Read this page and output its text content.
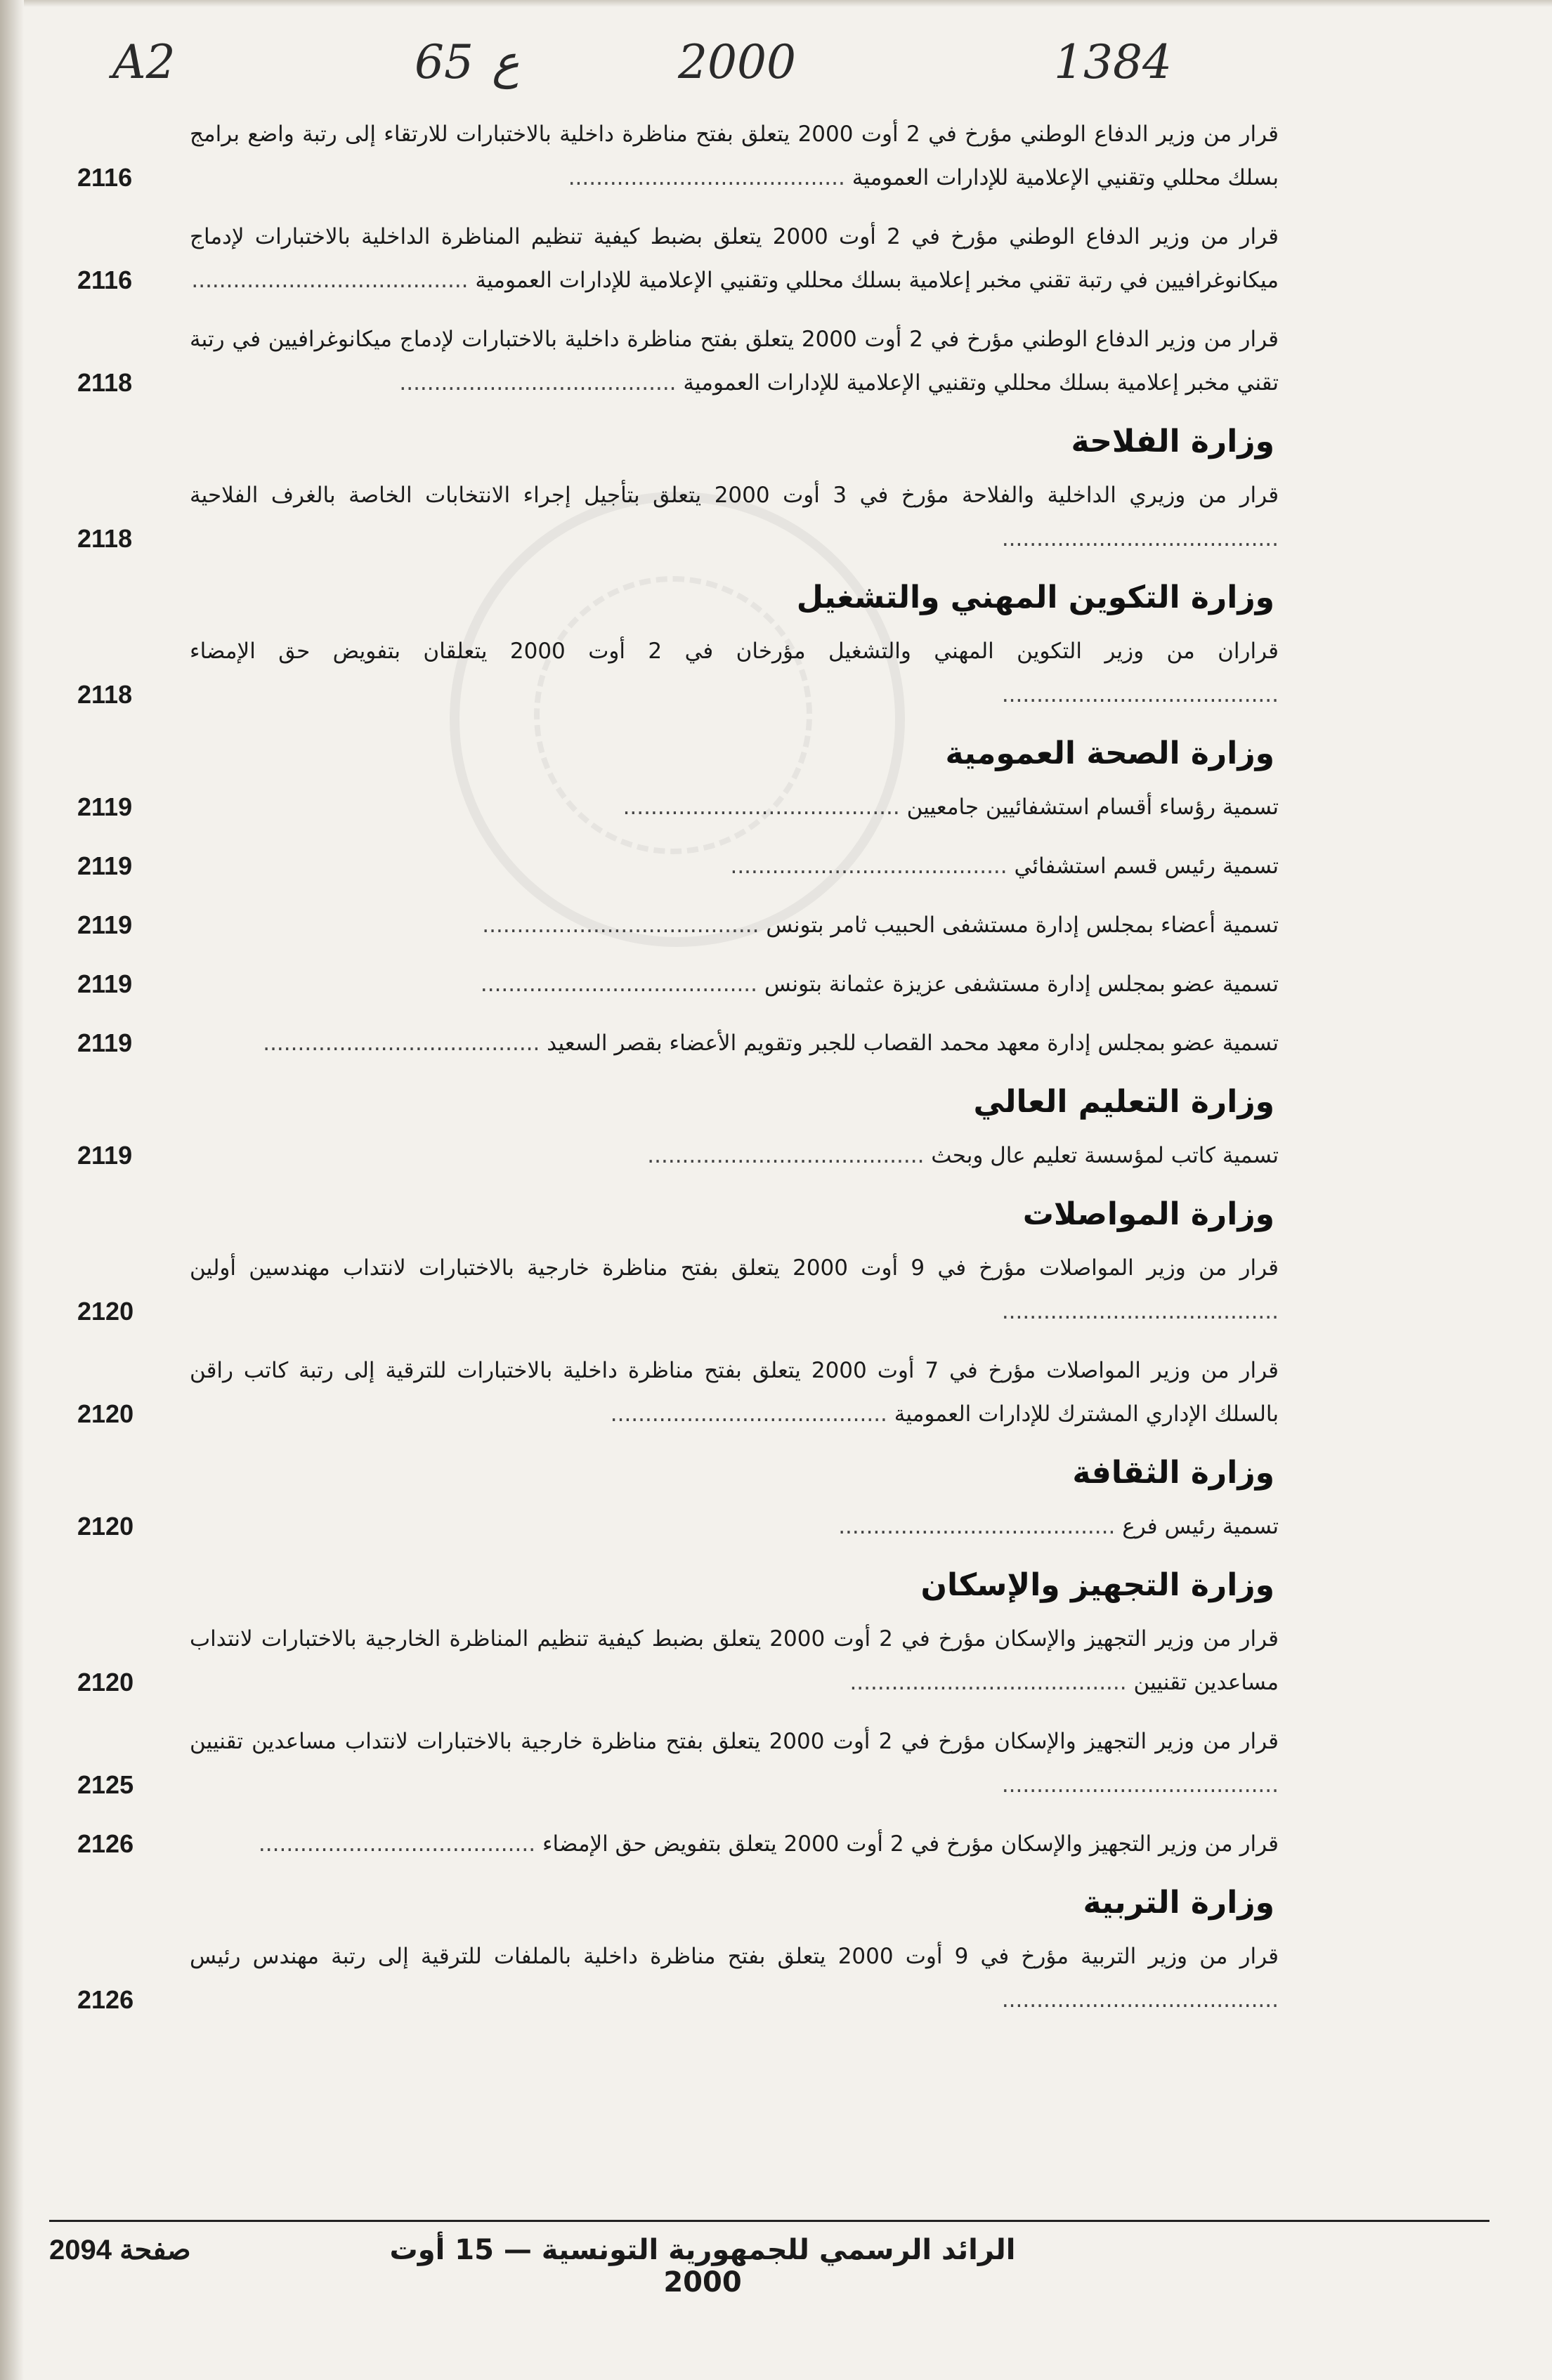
A2	65 ع	2000	1384
قرار من وزير الدفاع الوطني مؤرخ في 2 أوت 2000 يتعلق بفتح مناظرة داخلية بالاختبارات للارتقاء إلى رتبة واضع برامج بسلك محللي وتقنيي الإعلامية للإدارات العمومية ........................................
2116
قرار من وزير الدفاع الوطني مؤرخ في 2 أوت 2000 يتعلق بضبط كيفية تنظيم المناظرة الداخلية بالاختبارات لإدماج ميكانوغرافيين في رتبة تقني مخبر إعلامية بسلك محللي وتقنيي الإعلامية للإدارات العمومية ........................................
2116
قرار من وزير الدفاع الوطني مؤرخ في 2 أوت 2000 يتعلق بفتح مناظرة داخلية بالاختبارات لإدماج ميكانوغرافيين في رتبة تقني مخبر إعلامية بسلك محللي وتقنيي الإعلامية للإدارات العمومية ........................................
2118
وزارة الفلاحة
قرار من وزيري الداخلية والفلاحة مؤرخ في 3 أوت 2000 يتعلق بتأجيل إجراء الانتخابات الخاصة بالغرف الفلاحية ........................................
2118
وزارة التكوين المهني والتشغيل
قراران من وزير التكوين المهني والتشغيل مؤرخان في 2 أوت 2000 يتعلقان بتفويض حق الإمضاء ........................................
2118
وزارة الصحة العمومية
تسمية رؤساء أقسام استشفائيين جامعيين ........................................
2119
تسمية رئيس قسم استشفائي ........................................
2119
تسمية أعضاء بمجلس إدارة مستشفى الحبيب ثامر بتونس ........................................
2119
تسمية عضو بمجلس إدارة مستشفى عزيزة عثمانة بتونس ........................................
2119
تسمية عضو بمجلس إدارة معهد محمد القصاب للجبر وتقويم الأعضاء بقصر السعيد ........................................
2119
وزارة التعليم العالي
تسمية كاتب لمؤسسة تعليم عال وبحث ........................................
2119
وزارة المواصلات
قرار من وزير المواصلات مؤرخ في 9 أوت 2000 يتعلق بفتح مناظرة خارجية بالاختبارات لانتداب مهندسين أولين ........................................
2120
قرار من وزير المواصلات مؤرخ في 7 أوت 2000 يتعلق بفتح مناظرة داخلية بالاختبارات للترقية إلى رتبة كاتب راقن بالسلك الإداري المشترك للإدارات العمومية ........................................
2120
وزارة الثقافة
تسمية رئيس فرع ........................................
2120
وزارة التجهيز والإسكان
قرار من وزير التجهيز والإسكان مؤرخ في 2 أوت 2000 يتعلق بضبط كيفية تنظيم المناظرة الخارجية بالاختبارات لانتداب مساعدين تقنيين ........................................
2120
قرار من وزير التجهيز والإسكان مؤرخ في 2 أوت 2000 يتعلق بفتح مناظرة خارجية بالاختبارات لانتداب مساعدين تقنيين ........................................
2125
قرار من وزير التجهيز والإسكان مؤرخ في 2 أوت 2000 يتعلق بتفويض حق الإمضاء ........................................
2126
وزارة التربية
قرار من وزير التربية مؤرخ في 9 أوت 2000 يتعلق بفتح مناظرة داخلية بالملفات للترقية إلى رتبة مهندس رئيس ........................................
2126
صفحة 2094	الرائد الرسمي للجمهورية التونسية — 15 أوت 2000
